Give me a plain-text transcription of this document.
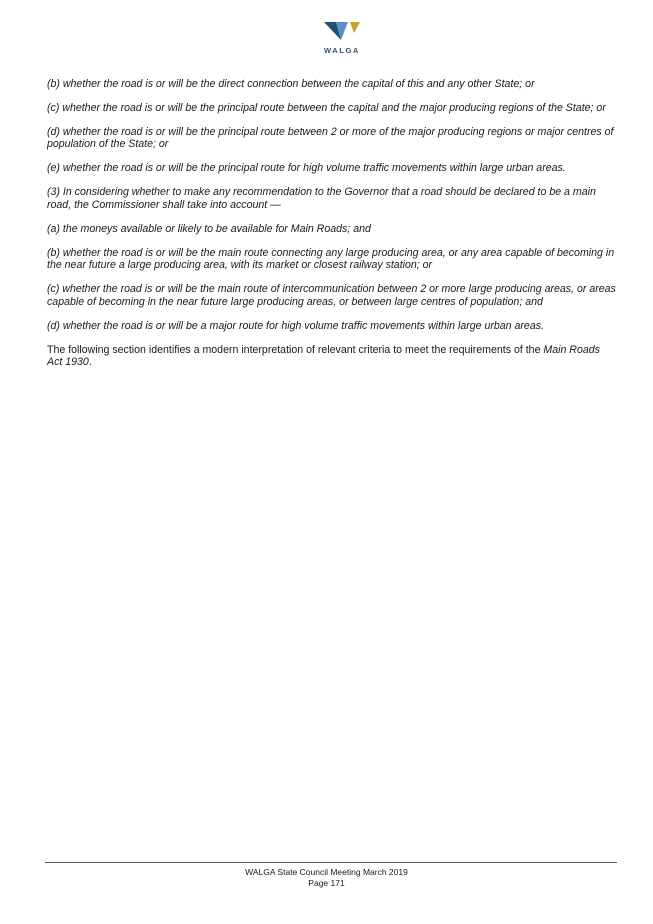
WALGA

(b) whether the road is or will be the direct connection between the capital of this and any other State; or

(c) whether the road is or will be the principal route between the capital and the major producing regions of the State; or

(d) whether the road is or will be the principal route between 2 or more of the major producing regions or major centres of population of the State; or

(e) whether the road is or will be the principal route for high volume traffic movements within large urban areas.

(3) In considering whether to make any recommendation to the Governor that a road should be declared to be a main road, the Commissioner shall take into account —

(a) the moneys available or likely to be available for Main Roads; and

(b) whether the road is or will be the main route connecting any large producing area, or any area capable of becoming in the near future a large producing area, with its market or closest railway station; or

(c) whether the road is or will be the main route of intercommunication between 2 or more large producing areas, or areas capable of becoming in the near future large producing areas, or between large centres of population; and

(d) whether the road is or will be a major route for high volume traffic movements within large urban areas.

The following section identifies a modern interpretation of relevant criteria to meet the requirements of the Main Roads Act 1930.

WALGA State Council Meeting March 2019
Page 171
